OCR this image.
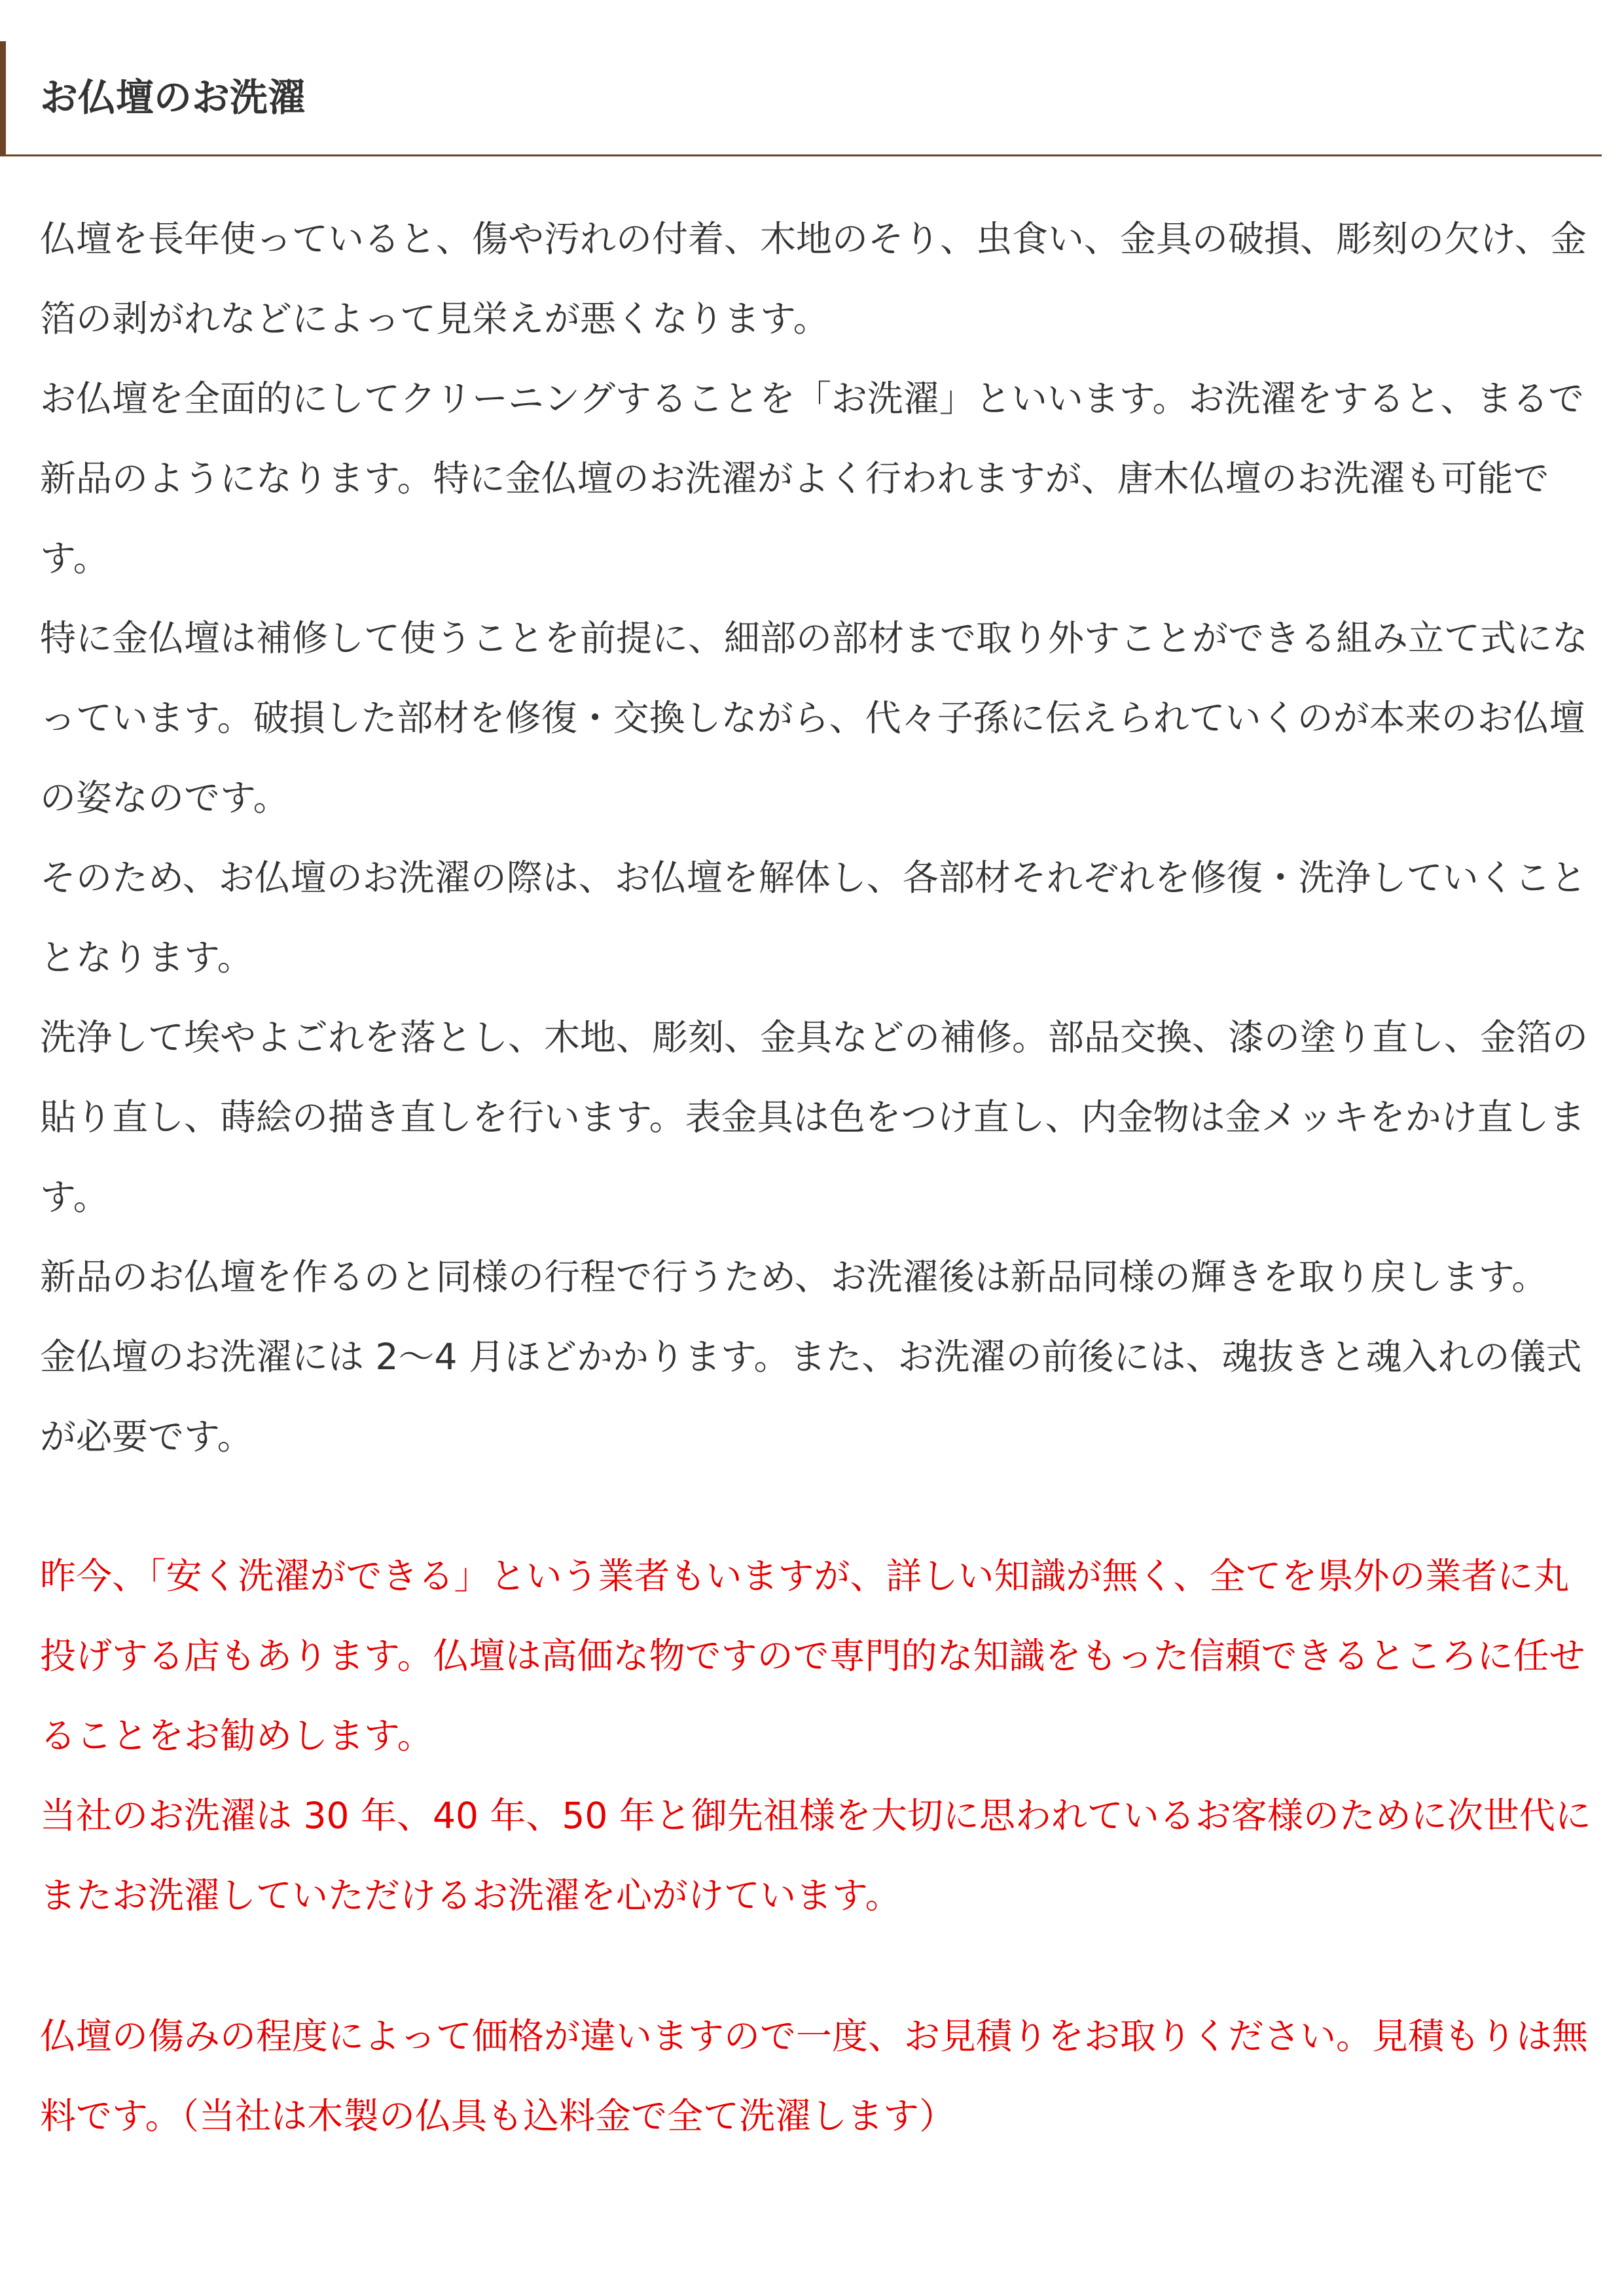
お仏壇のお洗濯

仏壇を長年使っていると、傷や汚れの付着、木地のそり、虫食い、金具の破損、彫刻の欠け、金箔の剥がれなどによって見栄えが悪くなります。

お仏壇を全面的にしてクリーニングすることを「お洗濯」といいます。お洗濯をすると、まるで新品のようになります。特に金仏壇のお洗濯がよく行われますが、唐木仏壇のお洗濯も可能です。

特に金仏壇は補修して使うことを前提に、細部の部材まで取り外すことができる組み立て式になっています。破損した部材を修復・交換しながら、代々子孫に伝えられていくのが本来のお仏壇の姿なのです。

そのため、お仏壇のお洗濯の際は、お仏壇を解体し、各部材それぞれを修復・洗浄していくこととなります。

洗浄して埃やよごれを落とし、木地、彫刻、金具などの補修。部品交換、漆の塗り直し、金箔の貼り直し、蒔絵の描き直しを行います。表金具は色をつけ直し、内金物は金メッキをかけ直します。

新品のお仏壇を作るのと同様の行程で行うため、お洗濯後は新品同様の輝きを取り戻します。

金仏壇のお洗濯には 2～4 月ほどかかります。また、お洗濯の前後には、魂抜きと魂入れの儀式が必要です。

昨今、「安く洗濯ができる」という業者もいますが、詳しい知識が無く、全てを県外の業者に丸投げする店もあります。仏壇は高価な物ですので専門的な知識をもった信頼できるところに任せることをお勧めします。

当社のお洗濯は 30 年、40 年、50 年と御先祖様を大切に思われているお客様のために次世代にまたお洗濯していただけるお洗濯を心がけています。

仏壇の傷みの程度によって価格が違いますので一度、お見積りをお取りください。見積もりは無料です。（当社は木製の仏具も込料金で全て洗濯します）
